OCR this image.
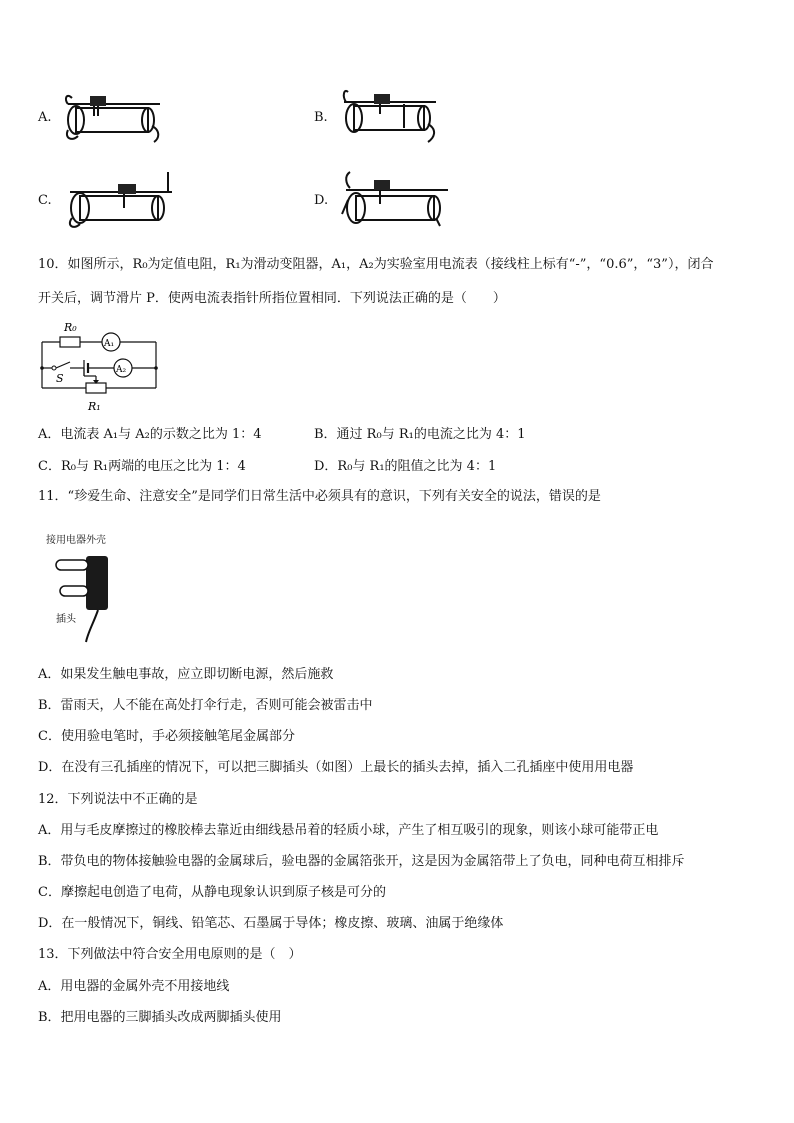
A.	B.
C.	D.
10．如图所示，R₀为定值电阻，R₁为滑动变阻器，A₁，A₂为实验室用电流表（接线柱上标有“-”，“0.6”，“3”），闭合
开关后，调节滑片 P．使两电流表指针所指位置相同．下列说法正确的是（　　）
R₀
A₁
A₂
S
R₁
A．电流表 A₁与 A₂的示数之比为 1：4	B．通过 R₀与 R₁的电流之比为 4：1
C．R₀与 R₁两端的电压之比为 1：4	D．R₀与 R₁的阻值之比为 4：1
11．“珍爱生命、注意安全”是同学们日常生活中必须具有的意识，下列有关安全的说法，错误的是
接用电器外壳
插头
A．如果发生触电事故，应立即切断电源，然后施救
B．雷雨天，人不能在高处打伞行走，否则可能会被雷击中
C．使用验电笔时，手必须接触笔尾金属部分
D．在没有三孔插座的情况下，可以把三脚插头（如图）上最长的插头去掉，插入二孔插座中使用用电器
12．下列说法中不正确的是
A．用与毛皮摩擦过的橡胶棒去靠近由细线悬吊着的轻质小球，产生了相互吸引的现象，则该小球可能带正电
B．带负电的物体接触验电器的金属球后，验电器的金属箔张开，这是因为金属箔带上了负电，同种电荷互相排斥
C．摩擦起电创造了电荷，从静电现象认识到原子核是可分的
D．在一般情况下，铜线、铅笔芯、石墨属于导体；橡皮擦、玻璃、油属于绝缘体
13．下列做法中符合安全用电原则的是（　）
A．用电器的金属外壳不用接地线
B．把用电器的三脚插头改成两脚插头使用
